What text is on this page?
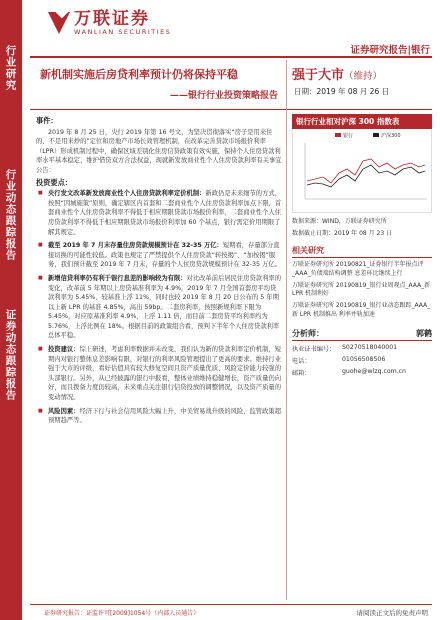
行业研究
行业动态跟踪报告
证券动态跟踪报告
万联证券
WANLIAN SECURITIES
证券研究报告|银行
新机制实施后房贷利率预计仍将保持平稳
——银行行业投资策略报告
强于大市（维持）
日期：2019 年 08 月 26 日
事件：
2019 年 8 月 25 日，央行 2019 年第 16 号文，为坚决贯彻落实“房子是用来住的、不是用来炒的”定位和房地产市场长效管理机制，在改革完善贷款市场报价利率（LPR）形成机制过程中，确保区域差别化住房信贷政策有效实施，保持个人住房贷款利率水平基本稳定，维护借贷双方合法权益，现就新发放商业性个人住房贷款利率有关事宜公告：
投资要点：
■ 央行发文改革新发放商业性个人住房贷款利率定价机制：新政仍是未来细节的方式，按照“因城施策”原则，确定辖区内首套和二套商业性个人住房贷款利率加点下限，首套商业性个人住房贷款利率不得低于相应期限贷款市场报价利率，二套商业性个人住房贷款利率不得低于相应期限贷款市场报价利率加 60 个基点，银行需定价用期限了解其规定。
■ 截至 2019 年 7 月末存量住房贷款规模预计在 32-35 万亿：短期看，存量部分直接切换的可能性较低。政策也规定了严禁提供个人住房贷款“转按揭”、“加按揭”服务，我们预计截至 2019 年 7 月末，存量的个人住房贷款规模预计在 32-35 万亿。
■ 新增信贷利率仍有利于银行息差的影响较为有限：对比改革前后居民住房贷款利率的变化，改革前 5 年期以上房贷基准利率为 4.9%，2019 年 7 月全国首套房平均贷款利率为 5.45%，较基准上浮 11%，同时也较 2019 年 8 月 20 日公布的 5 年期以上新 LPR 的基准 4.85%，高出 59bp。二套房利率，按照新规利率下限为 5.45%，对应原基准利率 4.9%，上浮 1.11 倍，而目前二套房贷平均利率约为 5.76%，上浮比例在 18%。根据目前的政策组合看，预判下半年个人住房贷款利率总体平稳。
■ 投资建议：综上研述，考虑利率数据并未改变，我们认为新的贷款利率定价机制，短期内对银行整体息差影响有限，对银行的利率风险管理提出了更高的要求。维持行业强于大市的评级，看好估值具有较大修复空间且资产质量优质、风险定价能力较强的头部银行。另外，从已经披露的银行中报看，整体业绩维持稳健增长，资产质量仍向好，而且拨备力度仍较高，未来重点关注银行信贷投放的调整情况，以及资产质量的变动情况。
■ 风险因素：经济下行与社会信用风险大幅上升，中美贸易战升级的风险，监管政策超预期趋严等。
银行行业相对沪深 300 指数表
银行	沪深300
数据来源：WIND，万联证券研究所
数据截止日期：2019 年 08 月 23 日
相关研究
万联证券研究所 20190821_证券银行半年报点评_AAA_负债端结构调整 息差环比继续上行
万联证券研究所 20190819_银行业周观点_AAA_新 LPR 机制利好
万联证券研究所 20190819_银行业动态跟踪_AAA_新 LPR 机制推出 利率并轨加速
分析师：	郭鹤
执业证书编号：	S0270518040001
电话：	01056508506
邮箱：	guohe@wlzq.com.cn
证券研究报告：证监许可[2009]1054号（内部人员通告）	请阅读正文后的免责声明
